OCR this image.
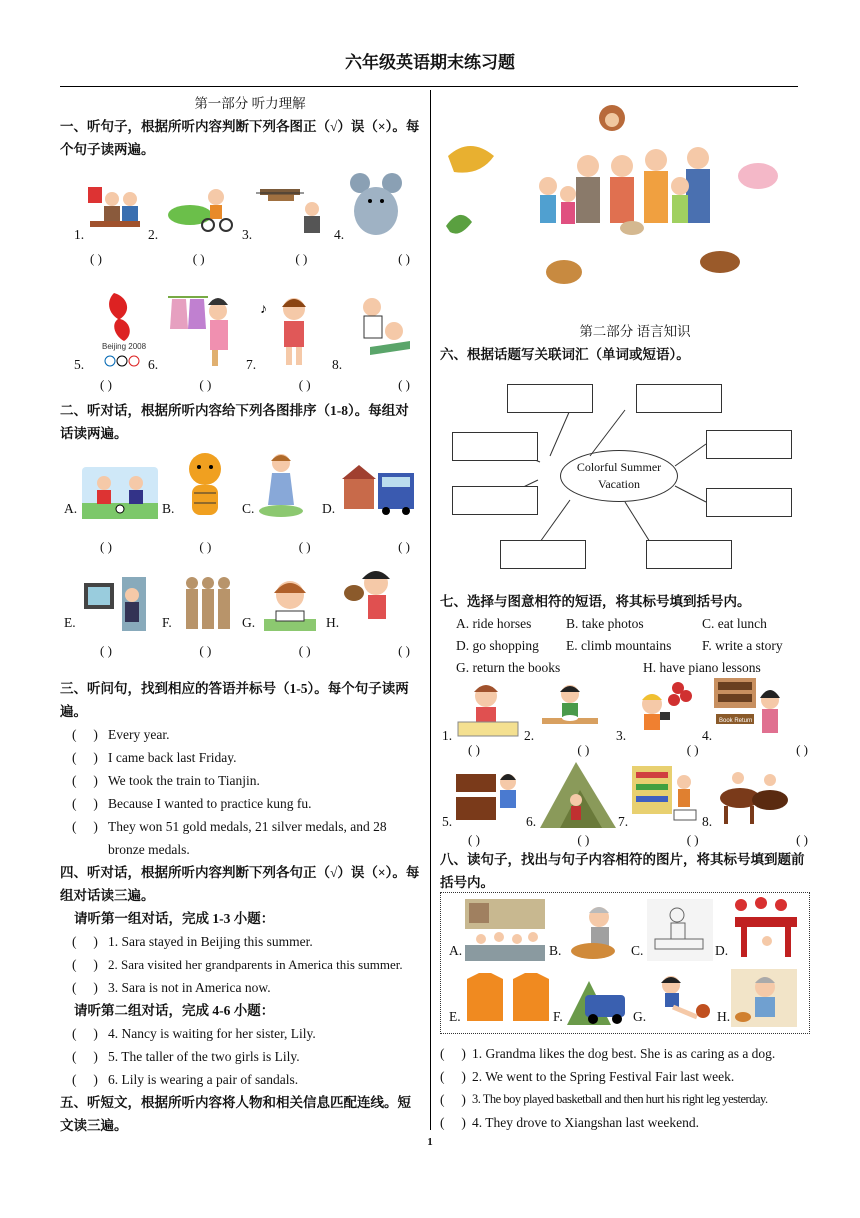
六年级英语期末练习题
第一部分 听力理解
一、听句子，根据所听内容判断下列各图正（√）误（×）。每个句子读两遍。
1.	2.	3.	4.
( )	( )	( )	( )
5.
Beijing 2008
6.	7.
♪
8.
( )	( )	( )	( )
二、听对话，根据所听内容给下列各图排序（1-8）。每组对话读两遍。
A.	B.	C.	D.
( )	( )	( )	( )
E.	F.	G.	H.
( )	( )	( )	( )
三、听问句，找到相应的答语并标号（1-5）。每个句子读两遍。
(     ) Every year.
(     ) I came back last Friday.
(     ) We took the train to Tianjin.
(     ) Because I wanted to practice kung fu.
(     ) They won 51 gold medals, 21 silver medals, and 28 bronze medals.
四、听对话，根据所听内容判断下列各句正（√）误（×）。每组对话读三遍。
请听第一组对话，完成 1-3 小题：
(     ) 1. Sara stayed in Beijing this summer.
(     ) 2. Sara visited her grandparents in America this summer.
(     ) 3. Sara is not in America now.
请听第二组对话，完成 4-6 小题：
(     ) 4. Nancy is waiting for her sister, Lily.
(     ) 5. The taller of the two girls is Lily.
(     ) 6. Lily is wearing a pair of sandals.
五、听短文，根据所听内容将人物和相关信息匹配连线。短文读三遍。
第二部分 语言知识
六、根据话题写关联词汇（单词或短语）。
Colorful Summer
Vacation
七、选择与图意相符的短语，将其标号填到括号内。
A. ride horses	B. take photos	C. eat lunch
D. go shopping	E. climb mountains	F. write a story
G. return the books	H. have piano lessons
1.	2.	3.	4.
Book Return
( )	( )	( )	( )
5.	6.	7.	8.
( )	( )	( )	( )
八、读句子，找出与句子内容相符的图片，将其标号填到题前括号内。
A.	B.	C.	D.
E.	F.	G.	H.
(     ) 1. Grandma likes the dog best. She is as caring as a dog.
(     ) 2. We went to the Spring Festival Fair last week.
(     ) 3. The boy played basketball and then hurt his right leg yesterday.
(     ) 4. They drove to Xiangshan last weekend.
1
